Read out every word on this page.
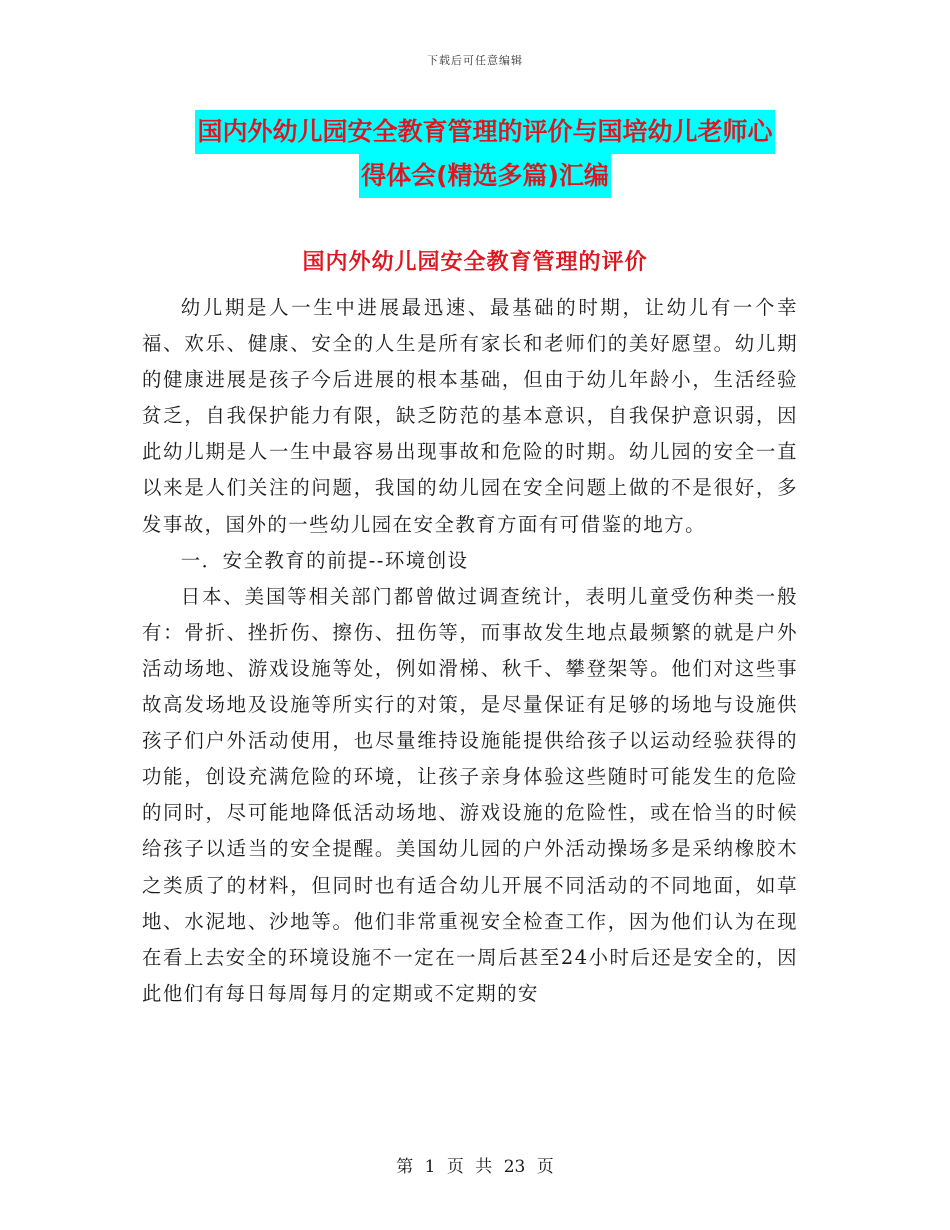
下载后可任意编辑
国内外幼儿园安全教育管理的评价与国培幼儿老师心
得体会(精选多篇)汇编
国内外幼儿园安全教育管理的评价

幼儿期是人一生中进展最迅速、最基础的时期，让幼儿有一个幸福、欢乐、健康、安全的人生是所有家长和老师们的美好愿望。幼儿期的健康进展是孩子今后进展的根本基础，但由于幼儿年龄小，生活经验贫乏，自我保护能力有限，缺乏防范的基本意识，自我保护意识弱，因此幼儿期是人一生中最容易出现事故和危险的时期。幼儿园的安全一直以来是人们关注的问题，我国的幼儿园在安全问题上做的不是很好，多发事故，国外的一些幼儿园在安全教育方面有可借鉴的地方。

一．安全教育的前提--环境创设

日本、美国等相关部门都曾做过调查统计，表明儿童受伤种类一般有：骨折、挫折伤、擦伤、扭伤等，而事故发生地点最频繁的就是户外活动场地、游戏设施等处，例如滑梯、秋千、攀登架等。他们对这些事故高发场地及设施等所实行的对策，是尽量保证有足够的场地与设施供孩子们户外活动使用，也尽量维持设施能提供给孩子以运动经验获得的功能，创设充满危险的环境，让孩子亲身体验这些随时可能发生的危险的同时，尽可能地降低活动场地、游戏设施的危险性，或在恰当的时候给孩子以适当的安全提醒。美国幼儿园的户外活动操场多是采纳橡胶木之类质了的材料，但同时也有适合幼儿开展不同活动的不同地面，如草地、水泥地、沙地等。他们非常重视安全检查工作，因为他们认为在现在看上去安全的环境设施不一定在一周后甚至24小时后还是安全的，因此他们有每日每周每月的定期或不定期的安

第 1 页 共 23 页
